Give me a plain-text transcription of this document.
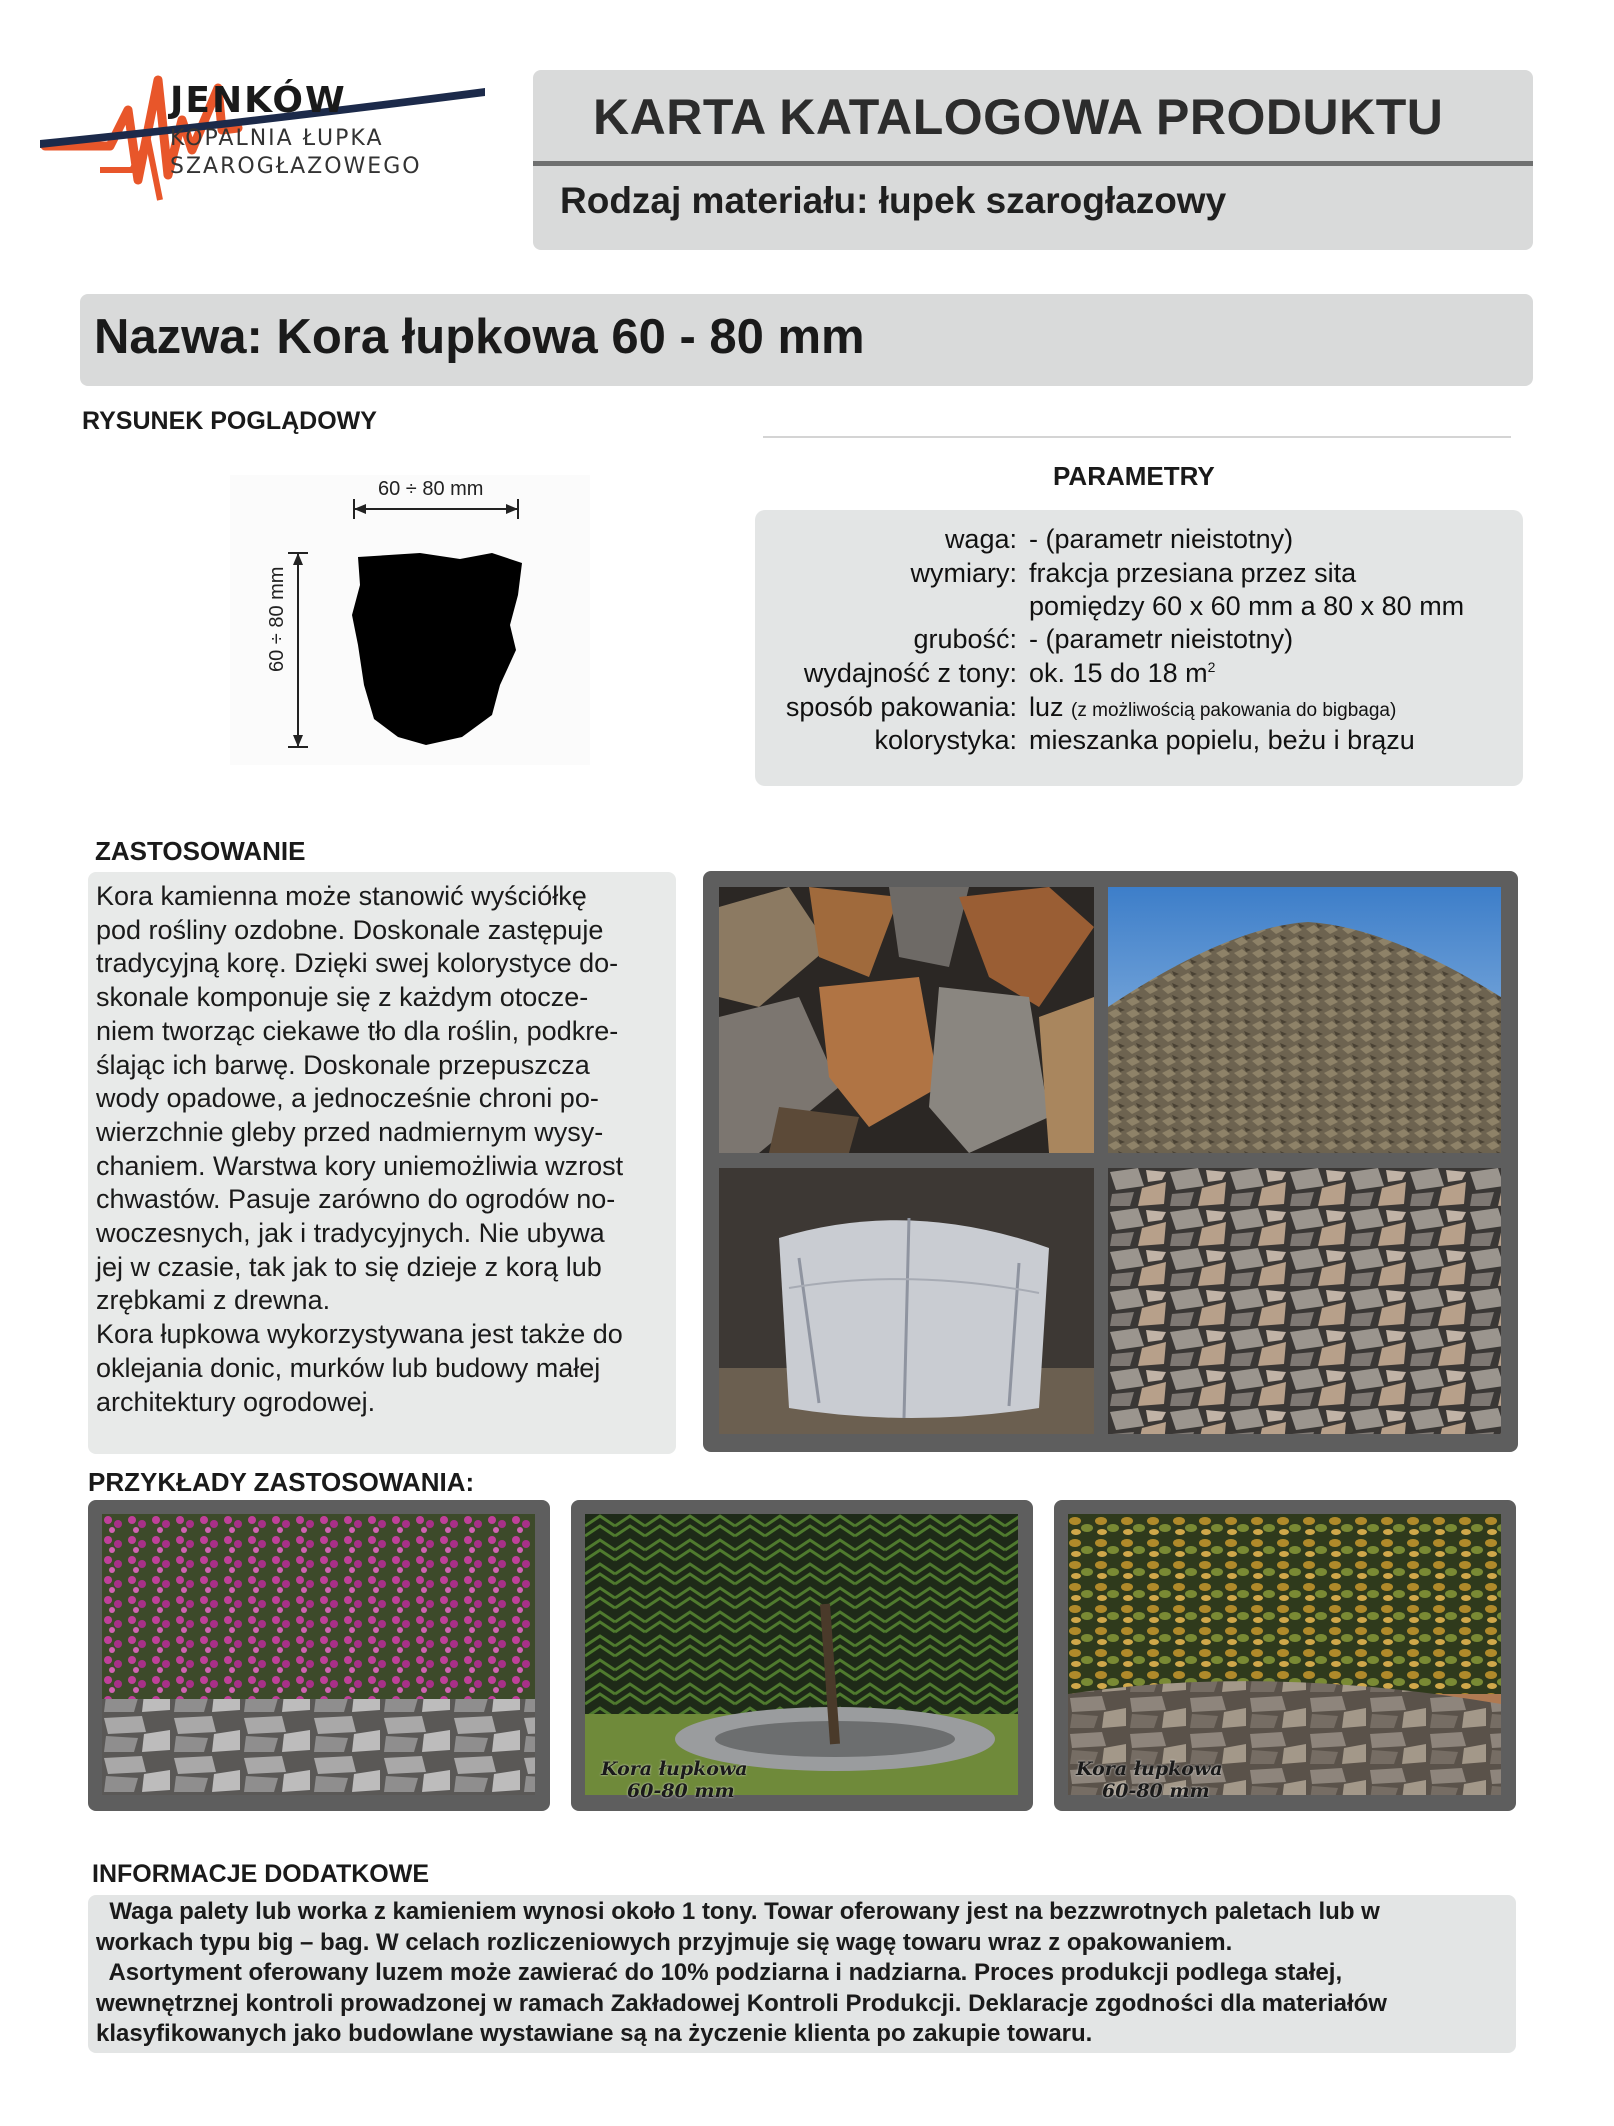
JENKÓW
KOPALNIA ŁUPKA
SZAROGŁAZOWEGO
KARTA KATALOGOWA PRODUKTU
Rodzaj materiału: łupek szarogłazowy
Nazwa: Kora łupkowa 60 - 80 mm
RYSUNEK POGLĄDOWY
60 ÷ 80 mm
60 ÷ 80 mm
PARAMETRY
waga: - (parametr nieistotny)
wymiary: frakcja przesiana przez sita
pomiędzy 60 x 60 mm a 80 x 80 mm
grubość: - (parametr nieistotny)
wydajność z tony: ok. 15 do 18 $m^2$
sposób pakowania: luz (z możliwością pakowania do bigbaga)
kolorystyka: mieszanka popielu, beżu i brązu
ZASTOSOWANIE

Kora kamienna może stanowić wyściółkę

pod rośliny ozdobne. Doskonale zastępuje

tradycyjną korę. Dzięki swej kolorystyce do-

skonale komponuje się z każdym otocze-

niem tworząc ciekawe tło dla roślin, podkre-

ślając ich barwę. Doskonale przepuszcza

wody opadowe, a jednocześnie chroni po-

wierzchnie gleby przed nadmiernym wysy-

chaniem. Warstwa kory uniemożliwia wzrost

chwastów. Pasuje zarówno do ogrodów no-

woczesnych, jak i tradycyjnych. Nie ubywa

jej w czasie, tak jak to się dzieje z korą lub

zrębkami z drewna.

Kora łupkowa wykorzystywana jest także do

oklejania donic, murków lub budowy małej

architektury ogrodowej.

PRZYKŁADY ZASTOSOWANIA:
Kora łupkowa
60-80 mm
Kora łupkowa
60-80 mm
INFORMACJE DODATKOWE

Waga palety lub worka z kamieniem wynosi około 1 tony. Towar oferowany jest na bezzwrotnych paletach lub w

workach typu big – bag. W celach rozliczeniowych przyjmuje się wagę towaru wraz z opakowaniem.

Asortyment oferowany luzem może zawierać do 10% podziarna i nadziarna. Proces produkcji podlega stałej,

wewnętrznej kontroli prowadzonej w ramach Zakładowej Kontroli Produkcji. Deklaracje zgodności dla materiałów

klasyfikowanych jako budowlane wystawiane są na życzenie klienta po zakupie towaru.
